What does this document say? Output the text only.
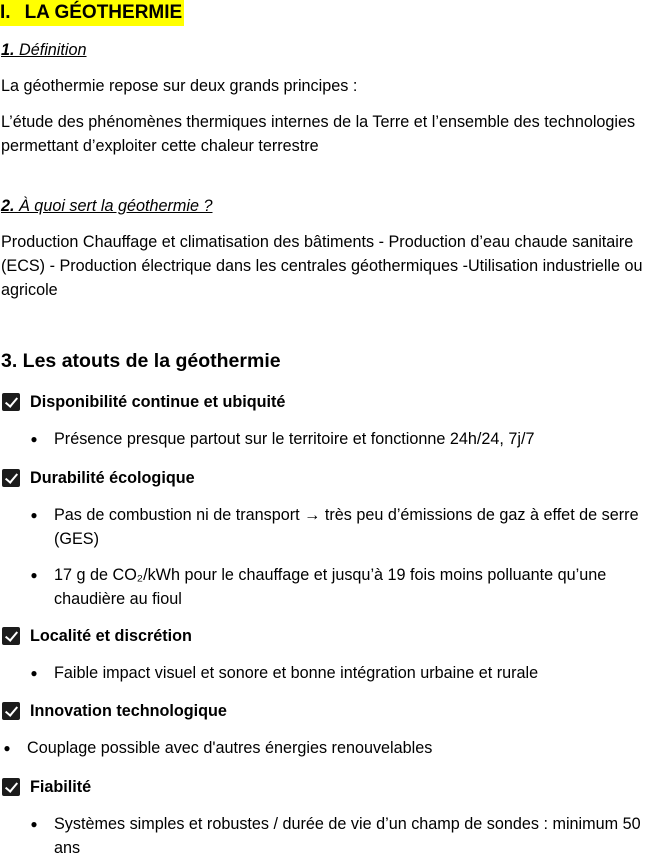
I. LA GÉOTHERMIE
1. Définition
La géothermie repose sur deux grands principes :
L’étude des phénomènes thermiques internes de la Terre et l’ensemble des technologies permettant d’exploiter cette chaleur terrestre
2. À quoi sert la géothermie ?
Production Chauffage et climatisation des bâtiments - Production d’eau chaude sanitaire (ECS) - Production électrique dans les centrales géothermiques -Utilisation industrielle ou agricole
3. Les atouts de la géothermie
Disponibilité continue et ubiquité
● Présence presque partout sur le territoire et fonctionne 24h/24, 7j/7
Durabilité écologique
● Pas de combustion ni de transport → très peu d’émissions de gaz à effet de serre (GES)
● 17 g de CO₂/kWh pour le chauffage et jusqu’à 19 fois moins polluante qu’une chaudière au fioul
Localité et discrétion
● Faible impact visuel et sonore et bonne intégration urbaine et rurale
Innovation technologique
● Couplage possible avec d'autres énergies renouvelables
Fiabilité
● Systèmes simples et robustes / durée de vie d’un champ de sondes : minimum 50 ans
